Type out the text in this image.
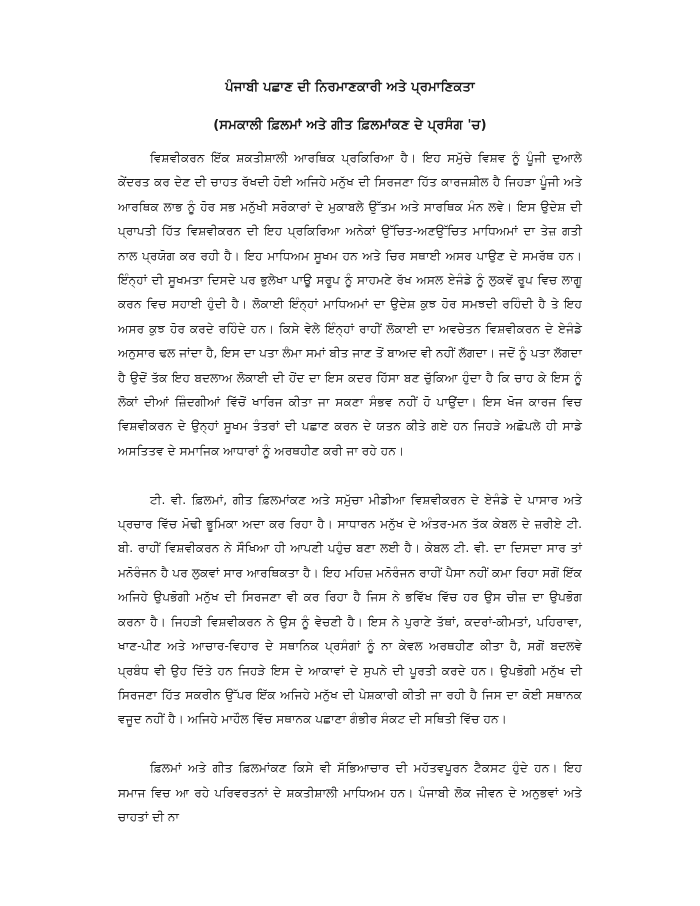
ਪੰਜਾਬੀ ਪਛਾਣ ਦੀ ਨਿਰਮਾਣਕਾਰੀ ਅਤੇ ਪ੍ਰਮਾਣਿਕਤਾ
(ਸਮਕਾਲੀ ਫ਼ਿਲਮਾਂ ਅਤੇ ਗੀਤ ਫ਼ਿਲਮਾਂਕਣ ਦੇ ਪ੍ਰਸੰਗ 'ਚ)

ਵਿਸ਼ਵੀਕਰਨ ਇੱਕ ਸ਼ਕਤੀਸ਼ਾਲੀ ਆਰਥਿਕ ਪ੍ਰਕਿਰਿਆ ਹੈ। ਇਹ ਸਮੁੱਚੇ ਵਿਸ਼ਵ ਨੂੰ ਪੂੰਜੀ ਦੁਆਲੇ ਕੇਂਦਰਤ ਕਰ ਦੇਣ ਦੀ ਚਾਹਤ ਰੱਖਦੀ ਹੋਈ ਅਜਿਹੇ ਮਨੁੱਖ ਦੀ ਸਿਰਜਣਾ ਹਿੱਤ ਕਾਰਜਸ਼ੀਲ ਹੈ ਜਿਹੜਾ ਪੂੰਜੀ ਅਤੇ ਆਰਥਿਕ ਲਾਭ ਨੂੰ ਹੋਰ ਸਭ ਮਨੁੱਖੀ ਸਰੋਕਾਰਾਂ ਦੇ ਮੁਕਾਬਲੇ ਉੱਤਮ ਅਤੇ ਸਾਰਥਿਕ ਮੰਨ ਲਵੇ। ਇਸ ਉਦੇਸ਼ ਦੀ ਪ੍ਰਾਪਤੀ ਹਿੱਤ ਵਿਸ਼ਵੀਕਰਨ ਦੀ ਇਹ ਪ੍ਰਕਿਰਿਆ ਅਨੇਕਾਂ ਉੱਚਿਤ-ਅਣਉੱਚਿਤ ਮਾਧਿਅਮਾਂ ਦਾ ਤੇਜ਼ ਗਤੀ ਨਾਲ ਪ੍ਰਯੋਗ ਕਰ ਰਹੀ ਹੈ। ਇਹ ਮਾਧਿਅਮ ਸੂਖਮ ਹਨ ਅਤੇ ਚਿਰ ਸਥਾਈ ਅਸਰ ਪਾਉਣ ਦੇ ਸਮਰੱਥ ਹਨ। ਇੰਨ੍ਹਾਂ ਦੀ ਸੂਖਮਤਾ ਦਿਸਦੇ ਪਰ ਭੁਲੇਖਾ ਪਾਊ ਸਰੂਪ ਨੂੰ ਸਾਹਮਣੇ ਰੱਖ ਅਸਲ ਏਜੰਡੇ ਨੂੰ ਲੁਕਵੇਂ ਰੂਪ ਵਿਚ ਲਾਗੂ ਕਰਨ ਵਿਚ ਸਹਾਈ ਹੁੰਦੀ ਹੈ। ਲੋਕਾਈ ਇੰਨ੍ਹਾਂ ਮਾਧਿਅਮਾਂ ਦਾ ਉਦੇਸ਼ ਕੁਝ ਹੋਰ ਸਮਝਦੀ ਰਹਿੰਦੀ ਹੈ ਤੇ ਇਹ ਅਸਰ ਕੁਝ ਹੋਰ ਕਰਦੇ ਰਹਿੰਦੇ ਹਨ। ਕਿਸੇ ਵੇਲੇ ਇੰਨ੍ਹਾਂ ਰਾਹੀਂ ਲੋਕਾਈ ਦਾ ਅਵਚੇਤਨ ਵਿਸ਼ਵੀਕਰਨ ਦੇ ਏਜੰਡੇ ਅਨੁਸਾਰ ਢਲ ਜਾਂਦਾ ਹੈ, ਇਸ ਦਾ ਪਤਾ ਲੰਮਾ ਸਮਾਂ ਬੀਤ ਜਾਣ ਤੋਂ ਬਾਅਦ ਵੀ ਨਹੀਂ ਲੱਗਦਾ। ਜਦੋਂ ਨੂੰ ਪਤਾ ਲੱਗਦਾ ਹੈ ਉਦੋਂ ਤੱਕ ਇਹ ਬਦਲਾਅ ਲੋਕਾਈ ਦੀ ਹੋਂਦ ਦਾ ਇਸ ਕਦਰ ਹਿੱਸਾ ਬਣ ਚੁੱਕਿਆ ਹੁੰਦਾ ਹੈ ਕਿ ਚਾਹ ਕੇ ਇਸ ਨੂੰ ਲੋਕਾਂ ਦੀਆਂ ਜ਼ਿੰਦਗੀਆਂ ਵਿੱਚੋਂ ਖਾਰਿਜ ਕੀਤਾ ਜਾ ਸਕਣਾ ਸੰਭਵ ਨਹੀਂ ਹੋ ਪਾਉਂਦਾ। ਇਸ ਖੋਜ ਕਾਰਜ ਵਿਚ ਵਿਸ਼ਵੀਕਰਨ ਦੇ ਉਨ੍ਹਾਂ ਸੂਖਮ ਤੰਤਰਾਂ ਦੀ ਪਛਾਣ ਕਰਨ ਦੇ ਯਤਨ ਕੀਤੇ ਗਏ ਹਨ ਜਿਹੜੇ ਅਛੋਪਲੇ ਹੀ ਸਾਡੇ ਅਸਤਿਤਵ ਦੇ ਸਮਾਜਿਕ ਆਧਾਰਾਂ ਨੂੰ ਅਰਥਹੀਣ ਕਰੀ ਜਾ ਰਹੇ ਹਨ।

ਟੀ. ਵੀ. ਫ਼ਿਲਮਾਂ, ਗੀਤ ਫ਼ਿਲਮਾਂਕਣ ਅਤੇ ਸਮੁੱਚਾ ਮੀਡੀਆ ਵਿਸ਼ਵੀਕਰਨ ਦੇ ਏਜੰਡੇ ਦੇ ਪਾਸਾਰ ਅਤੇ ਪ੍ਰਚਾਰ ਵਿੱਚ ਮੋਢੀ ਭੂਮਿਕਾ ਅਦਾ ਕਰ ਰਿਹਾ ਹੈ। ਸਾਧਾਰਨ ਮਨੁੱਖ ਦੇ ਅੰਤਰ-ਮਨ ਤੱਕ ਕੇਬਲ ਦੇ ਜ਼ਰੀਏ ਟੀ. ਬੀ. ਰਾਹੀਂ ਵਿਸ਼ਵੀਕਰਨ ਨੇ ਸੌਖਿਆ ਹੀ ਆਪਣੀ ਪਹੁੰਚ ਬਣਾ ਲਈ ਹੈ। ਕੇਬਲ ਟੀ. ਵੀ. ਦਾ ਦਿਸਦਾ ਸਾਰ ਤਾਂ ਮਨੋਰੰਜਨ ਹੈ ਪਰ ਲੁਕਵਾਂ ਸਾਰ ਆਰਥਿਕਤਾ ਹੈ। ਇਹ ਮਹਿਜ਼ ਮਨੋਰੰਜਨ ਰਾਹੀਂ ਪੈਸਾ ਨਹੀਂ ਕਮਾ ਰਿਹਾ ਸਗੋਂ ਇੱਕ ਅਜਿਹੇ ਉਪਭੋਗੀ ਮਨੁੱਖ ਦੀ ਸਿਰਜਣਾ ਵੀ ਕਰ ਰਿਹਾ ਹੈ ਜਿਸ ਨੇ ਭਵਿੱਖ ਵਿੱਚ ਹਰ ਉਸ ਚੀਜ਼ ਦਾ ਉਪਭੋਗ ਕਰਨਾ ਹੈ। ਜਿਹੜੀ ਵਿਸ਼ਵੀਕਰਨ ਨੇ ਉਸ ਨੂੰ ਵੇਚਣੀ ਹੈ। ਇਸ ਨੇ ਪੁਰਾਣੇ ਤੱਥਾਂ, ਕਦਰਾਂ-ਕੀਮਤਾਂ, ਪਹਿਰਾਵਾ, ਖਾਣ-ਪੀਣ ਅਤੇ ਆਚਾਰ-ਵਿਹਾਰ ਦੇ ਸਥਾਨਿਕ ਪ੍ਰਸੰਗਾਂ ਨੂੰ ਨਾ ਕੇਵਲ ਅਰਥਹੀਣ ਕੀਤਾ ਹੈ, ਸਗੋਂ ਬਦਲਵੇ ਪ੍ਰਬੰਧ ਵੀ ਉਹ ਦਿੱਤੇ ਹਨ ਜਿਹੜੇ ਇਸ ਦੇ ਆਕਾਵਾਂ ਦੇ ਸੁਪਨੇ ਦੀ ਪੂਰਤੀ ਕਰਦੇ ਹਨ। ਉਪਭੋਗੀ ਮਨੁੱਖ ਦੀ ਸਿਰਜਣਾ ਹਿੱਤ ਸਕਰੀਨ ਉੱਪਰ ਇੱਕ ਅਜਿਹੇ ਮਨੁੱਖ ਦੀ ਪੇਸ਼ਕਾਰੀ ਕੀਤੀ ਜਾ ਰਹੀ ਹੈ ਜਿਸ ਦਾ ਕੋਈ ਸਥਾਨਕ ਵਜੂਦ ਨਹੀਂ ਹੈ। ਅਜਿਹੇ ਮਾਹੌਲ ਵਿੱਚ ਸਥਾਨਕ ਪਛਾਣਾ ਗੰਭੀਰ ਸੰਕਟ ਦੀ ਸਥਿਤੀ ਵਿੱਚ ਹਨ।

ਫ਼ਿਲਮਾਂ ਅਤੇ ਗੀਤ ਫ਼ਿਲਮਾਂਕਣ ਕਿਸੇ ਵੀ ਸੱਭਿਆਚਾਰ ਦੀ ਮਹੱਤਵਪੂਰਨ ਟੈਕਸਟ ਹੁੰਦੇ ਹਨ। ਇਹ ਸਮਾਜ ਵਿਚ ਆ ਰਹੇ ਪਰਿਵਰਤਨਾਂ ਦੇ ਸ਼ਕਤੀਸ਼ਾਲੀ ਮਾਧਿਅਮ ਹਨ। ਪੰਜਾਬੀ ਲੋਕ ਜੀਵਨ ਦੇ ਅਨੁਭਵਾਂ ਅਤੇ ਚਾਹਤਾਂ ਦੀ ਨਾ
